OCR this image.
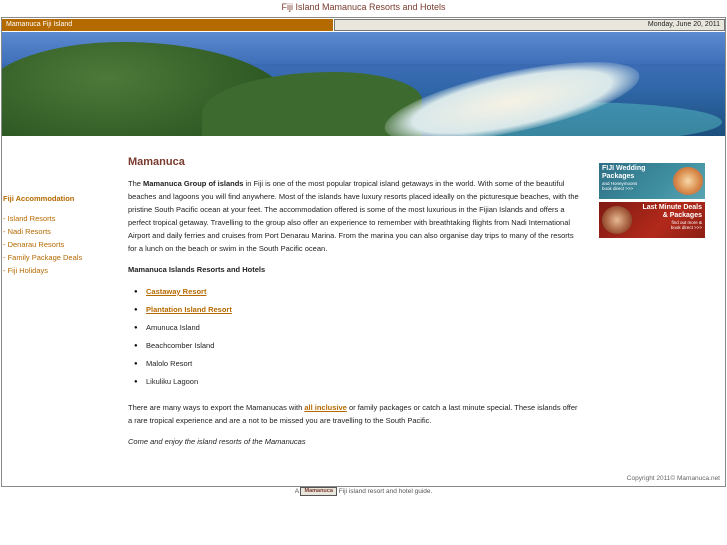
Fiji Island Mamanuca Resorts and Hotels
Mamanuca Fiji Island	Monday, June 20, 2011
Fiji Accommodation
- Island Resorts
- Nadi Resorts
- Denarau Resorts
- Family Package Deals
- Fiji Holidays
Mamanuca

The Mamanuca Group of islands in Fiji is one of the most popular tropical island getaways in the world. With some of the beautiful beaches and lagoons you will find anywhere. Most of the islands have luxury resorts placed ideally on the picturesque beaches, with the pristine South Pacific ocean at your feet. The accommodation offered is some of the most luxurious in the Fijian Islands and offers a perfect tropical getaway. Travelling to the group also offer an experience to remember with breathtaking flights from Nadi International Airport and daily ferries and cruises from Port Denarau Marina. From the marina you can also organise day trips to many of the resorts for a lunch on the beach or swim in the South Pacific ocean.

Mamanuca Islands Resorts and Hotels
● Castaway Resort
● Plantation Island Resort
● Amunuca Island
● Beachcomber Island
● Malolo Resort
● Likuliku Lagoon

There are many ways to export the Mamanucas with all inclusive or family packages or catch a last minute special. These islands offer a rare tropical experience and are a not to be missed you are travelling to the South Pacific.

Come and enjoy the island resorts of the Mamanucas

FIJI Wedding Packages
and Honeymoons
book direct >>>
Last Minute Deals & Packages
find out more &
book direct >>>
Copyright 2011© Mamanuca.net
A Mamanuca Fiji island resort and hotel guide.
